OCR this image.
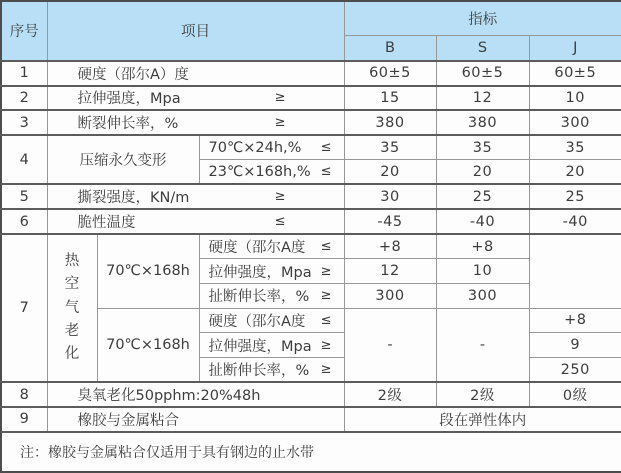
序号	项目			指标		
				B	S	J
1	硬度（邵尔A）度			60±5	60±5	60±5
2	拉伸强度，Mpa ≥			15	12	10
3	断裂伸长率，% ≥			380	380	300
4	压缩永久变形		70℃×24h,% ≤	35	35	35

			23℃×168h,% ≤	20	20	20
5	撕裂强度，KN/m ≥			30	25	25
6	脆性温度 ≤			-45	-40	-40
7	热空气老化	70℃×168h	硬度（邵尔A度 ≤	+8	+8	

			拉伸强度，Mpa ≥	12	10	

			扯断伸长率，% ≥	300	300	
		70℃×168h	硬度（邵尔A度 ≤	-	-	+8

			拉伸强度，Mpa ≥			9

			扯断伸长率，% ≥			250
8	臭氧老化50pphm:20%48h			2级	2级	0级
9	橡胶与金属粘合			段在弹性体内		
注：橡胶与金属粘合仅适用于具有钢边的止水带						
